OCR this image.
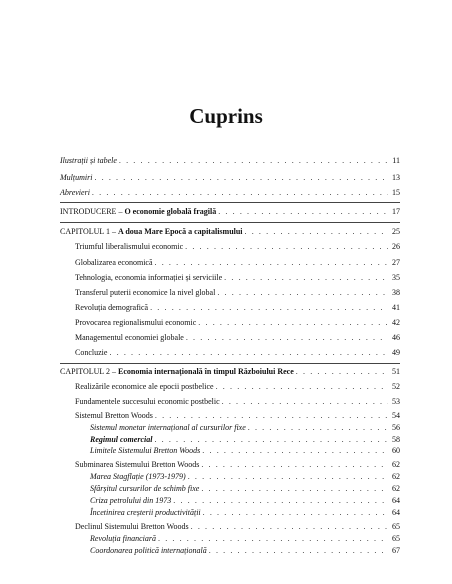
Cuprins
Ilustrații și tabele . . .	11
Mulțumiri . . .	13
Abrevieri . . .	15
INTRODUCERE – O economie globală fragilă . . .	17
CAPITOLUL 1 – A doua Mare Epocă a capitalismului . . .	25
Triumful liberalismului economic . . .	26
Globalizarea economică . . .	27
Tehnologia, economia informației și serviciile . . .	35
Transferul puterii economice la nivel global . . .	38
Revoluția demografică . . .	41
Provocarea regionalismului economic . . .	42
Managementul economiei globale . . .	46
Concluzie . . .	49
CAPITOLUL 2 – Economia internațională în timpul Războiului Rece . . .	51
Realizările economice ale epocii postbelice . . .	52
Fundamentele succesului economic postbelic . . .	53
Sistemul Bretton Woods . . .	54
Sistemul monetar internațional al cursurilor fixe . . .	56
Regimul comercial . . .	58
Limitele Sistemului Bretton Woods . . .	60
Subminarea Sistemului Bretton Woods . . .	62
Marea Stagflație (1973-1979) . . .	62
Sfârșitul cursurilor de schimb fixe . . .	62
Criza petrolului din 1973 . . .	64
Încetinirea creșterii productivității . . .	64
Declinul Sistemului Bretton Woods . . .	65
Revoluția financiară . . .	65
Coordonarea politică internațională . . .	67
